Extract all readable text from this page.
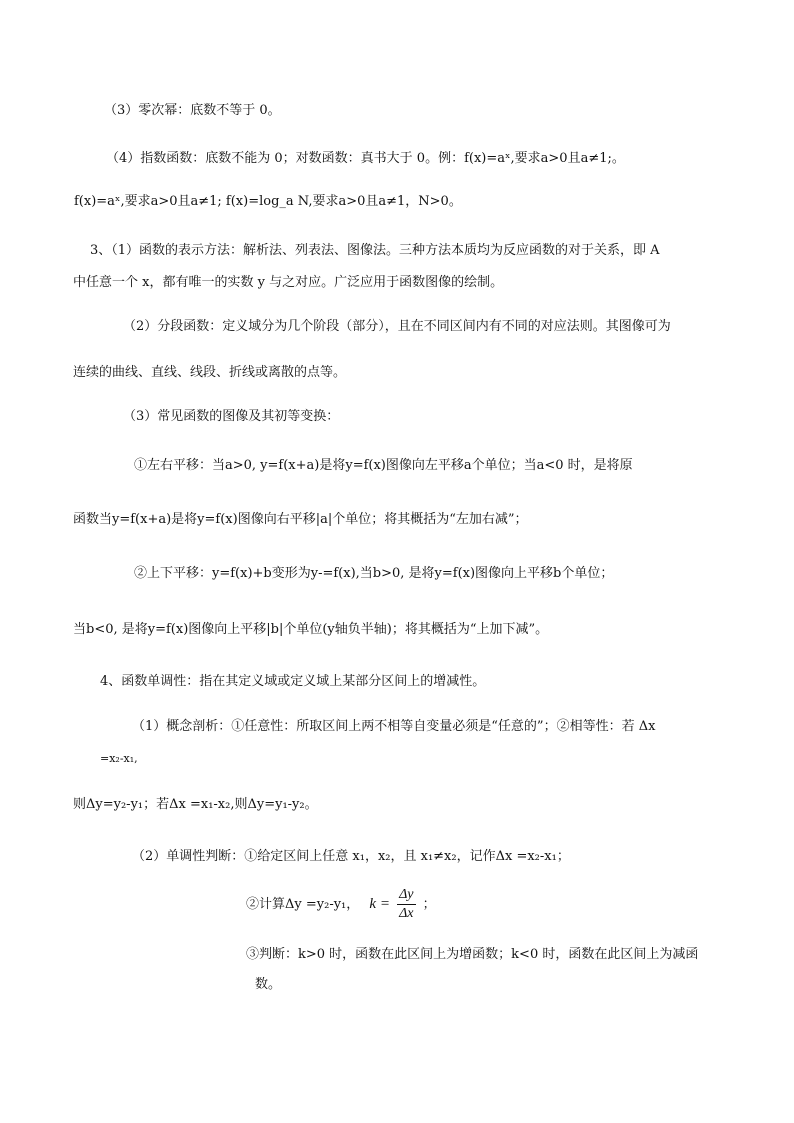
（3）零次幂：底数不等于 0。
（4）指数函数：底数不能为 0；对数函数：真书大于 0。例：f(x)=aˣ,要求a>0且a≠1;。
f(x)=aˣ,要求a>0且a≠1; f(x)=log_a N,要求a>0且a≠1，N>0。
3、（1）函数的表示方法：解析法、列表法、图像法。三种方法本质均为反应函数的对于关系，即 A
中任意一个 x，都有唯一的实数 y 与之对应。广泛应用于函数图像的绘制。
（2）分段函数：定义域分为几个阶段（部分），且在不同区间内有不同的对应法则。其图像可为
连续的曲线、直线、线段、折线或离散的点等。
（3）常见函数的图像及其初等变换：
①左右平移：当a>0, y=f(x+a)是将y=f(x)图像向左平移a个单位；当a<0 时，是将原
函数当y=f(x+a)是将y=f(x)图像向右平移|a|个单位；将其概括为“左加右减”；
②上下平移：y=f(x)+b变形为y-=f(x),当b>0, 是将y=f(x)图像向上平移b个单位；
当b<0, 是将y=f(x)图像向上平移|b|个单位(y轴负半轴)；将其概括为“上加下减”。
4、函数单调性：指在其定义域或定义域上某部分区间上的增减性。
（1）概念剖析：①任意性：所取区间上两不相等自变量必须是“任意的”；②相等性：若 Δx
=x₂-x₁,
则Δy=y₂-y₁；若Δx =x₁-x₂,则Δy=y₁-y₂。
（2）单调性判断：①给定区间上任意 x₁，x₂，且 x₁≠x₂，记作Δx =x₂-x₁；
②计算Δy =y₂-y₁， $k = \frac{\Delta y}{\Delta x}$ ；
③判断：k>0 时，函数在此区间上为增函数；k<0 时，函数在此区间上为减函
数。
